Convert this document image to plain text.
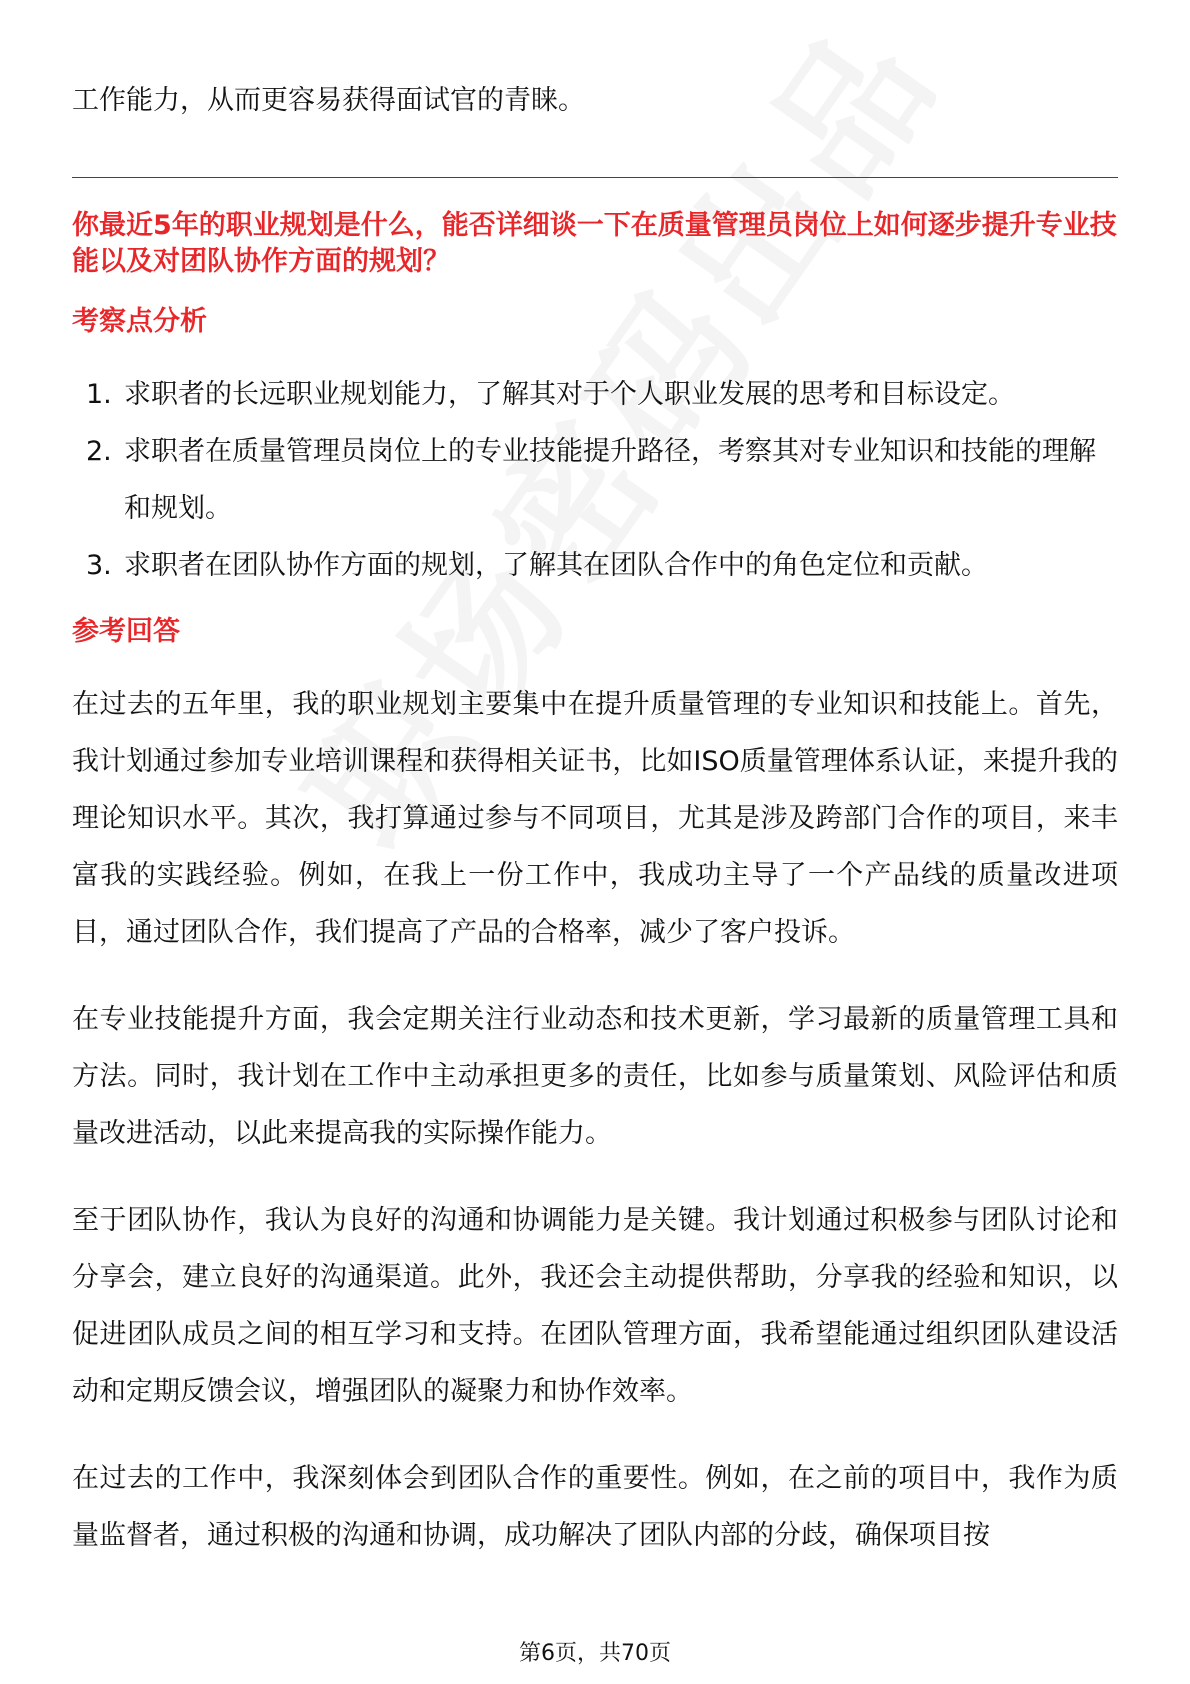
工作能力，从而更容易获得面试官的青睐。

你最近5年的职业规划是什么，能否详细谈一下在质量管理员岗位上如何逐步提升专业技能以及对团队协作方面的规划？

考察点分析

1. 求职者的长远职业规划能力，了解其对于个人职业发展的思考和目标设定。
2. 求职者在质量管理员岗位上的专业技能提升路径，考察其对专业知识和技能的理解和规划。
3. 求职者在团队协作方面的规划，了解其在团队合作中的角色定位和贡献。

参考回答

在过去的五年里，我的职业规划主要集中在提升质量管理的专业知识和技能上。首先，我计划通过参加专业培训课程和获得相关证书，比如ISO质量管理体系认证，来提升我的理论知识水平。其次，我打算通过参与不同项目，尤其是涉及跨部门合作的项目，来丰富我的实践经验。例如，在我上一份工作中，我成功主导了一个产品线的质量改进项目，通过团队合作，我们提高了产品的合格率，减少了客户投诉。

在专业技能提升方面，我会定期关注行业动态和技术更新，学习最新的质量管理工具和方法。同时，我计划在工作中主动承担更多的责任，比如参与质量策划、风险评估和质量改进活动，以此来提高我的实际操作能力。

至于团队协作，我认为良好的沟通和协调能力是关键。我计划通过积极参与团队讨论和分享会，建立良好的沟通渠道。此外，我还会主动提供帮助，分享我的经验和知识，以促进团队成员之间的相互学习和支持。在团队管理方面，我希望能通过组织团队建设活动和定期反馈会议，增强团队的凝聚力和协作效率。

在过去的工作中，我深刻体会到团队合作的重要性。例如，在之前的项目中，我作为质量监督者，通过积极的沟通和协调，成功解决了团队内部的分歧，确保项目按

第6页，共70页
